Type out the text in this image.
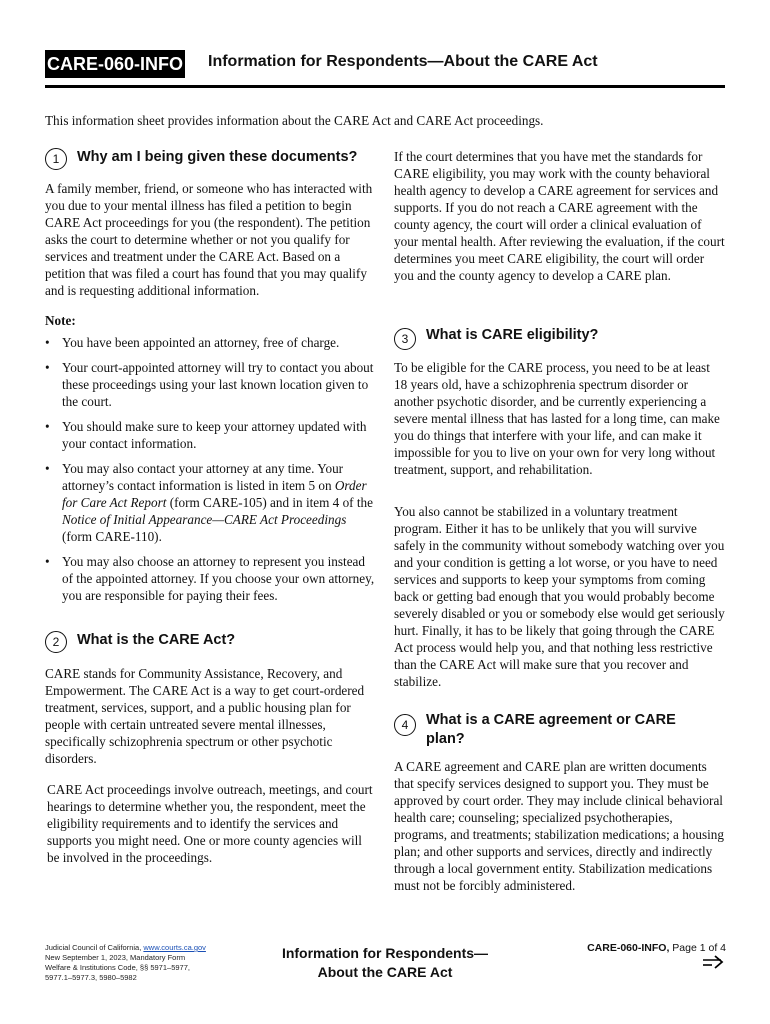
CARE-060-INFO Information for Respondents—About the CARE Act
This information sheet provides information about the CARE Act and CARE Act proceedings.
1	Why am I being given these documents?
A family member, friend, or someone who has interacted with you due to your mental illness has filed a petition to begin CARE Act proceedings for you (the respondent). The petition asks the court to determine whether or not you qualify for services and treatment under the CARE Act. Based on a petition that was filed a court has found that you may qualify and is requesting additional information.
Note:
• You have been appointed an attorney, free of charge.
• Your court-appointed attorney will try to contact you about these proceedings using your last known location given to the court.
• You should make sure to keep your attorney updated with your contact information.
• You may also contact your attorney at any time. Your attorney’s contact information is listed in item 5 on Order for Care Act Report (form CARE-105) and in item 4 of the Notice of Initial Appearance—CARE Act Proceedings (form CARE-110).
• You may also choose an attorney to represent you instead of the appointed attorney. If you choose your own attorney, you are responsible for paying their fees.
2	What is the CARE Act?
CARE stands for Community Assistance, Recovery, and Empowerment. The CARE Act is a way to get court-ordered treatment, services, support, and a public housing plan for people with certain untreated severe mental illnesses, specifically schizophrenia spectrum or other psychotic disorders.
CARE Act proceedings involve outreach, meetings, and court hearings to determine whether you, the respondent, meet the eligibility requirements and to identify the services and supports you might need. One or more county agencies will be involved in the proceedings.
If the court determines that you have met the standards for CARE eligibility, you may work with the county behavioral health agency to develop a CARE agreement for services and supports. If you do not reach a CARE agreement with the county agency, the court will order a clinical evaluation of your mental health. After reviewing the evaluation, if the court determines you meet CARE eligibility, the court will order you and the county agency to develop a CARE plan.
3	What is CARE eligibility?
To be eligible for the CARE process, you need to be at least 18 years old, have a schizophrenia spectrum disorder or another psychotic disorder, and be currently experiencing a severe mental illness that has lasted for a long time, can make you do things that interfere with your life, and can make it impossible for you to live on your own for very long without treatment, support, and rehabilitation.
You also cannot be stabilized in a voluntary treatment program. Either it has to be unlikely that you will survive safely in the community without somebody watching over you and your condition is getting a lot worse, or you have to need services and supports to keep your symptoms from coming back or getting bad enough that you would probably become severely disabled or you or somebody else would get seriously hurt. Finally, it has to be likely that going through the CARE Act process would help you, and that nothing less restrictive than the CARE Act will make sure that you recover and stabilize.
4	What is a CARE agreement or CARE plan?
A CARE agreement and CARE plan are written documents that specify services designed to support you. They must be approved by court order. They may include clinical behavioral health care; counseling; specialized psychotherapies, programs, and treatments; stabilization medications; a housing plan; and other supports and services, directly and indirectly through a local government entity. Stabilization medications must not be forcibly administered.
Judicial Council of California, www.courts.ca.gov
New September 1, 2023, Mandatory Form
Welfare & Institutions Code, §§ 5971–5977,
5977.1–5977.3, 5980–5982
Information for Respondents—
About the CARE Act
CARE-060-INFO, Page 1 of 4
